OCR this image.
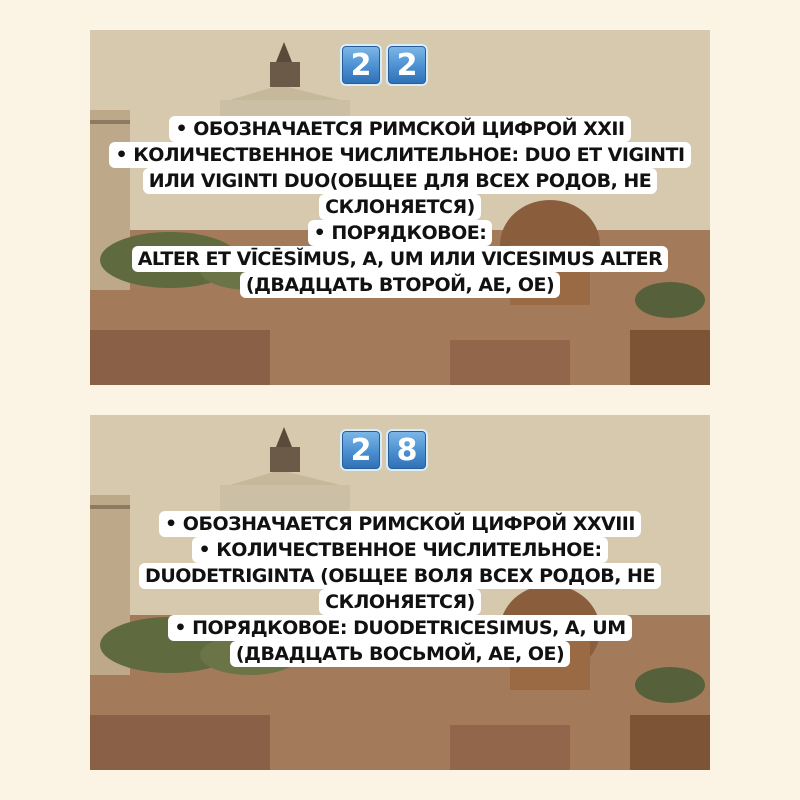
2 2
• ОБОЗНАЧАЕТСЯ РИМСКОЙ ЦИФРОЙ XXII
• КОЛИЧЕСТВЕННОЕ ЧИСЛИТЕЛЬНОЕ: DUO ET VIGINTI
ИЛИ VIGINTI DUO(ОБЩЕЕ ДЛЯ ВСЕХ РОДОВ, НЕ
СКЛОНЯЕТСЯ)
• ПОРЯДКОВОЕ:
ALTER ET VĪCĒSĬMUS, A, UM ИЛИ VICESIMUS ALTER
(ДВАДЦАТЬ ВТОРОЙ, AE, OE)
2 8
• ОБОЗНАЧАЕТСЯ РИМСКОЙ ЦИФРОЙ XXVIII
• КОЛИЧЕСТВЕННОЕ ЧИСЛИТЕЛЬНОЕ:
DUODETRIGINTA (ОБЩЕЕ ВОЛЯ ВСЕХ РОДОВ, НЕ
СКЛОНЯЕТСЯ)
• ПОРЯДКОВОЕ: DUODETRICESIMUS, A, UM
(ДВАДЦАТЬ ВОСЬМОЙ, AE, OE)
